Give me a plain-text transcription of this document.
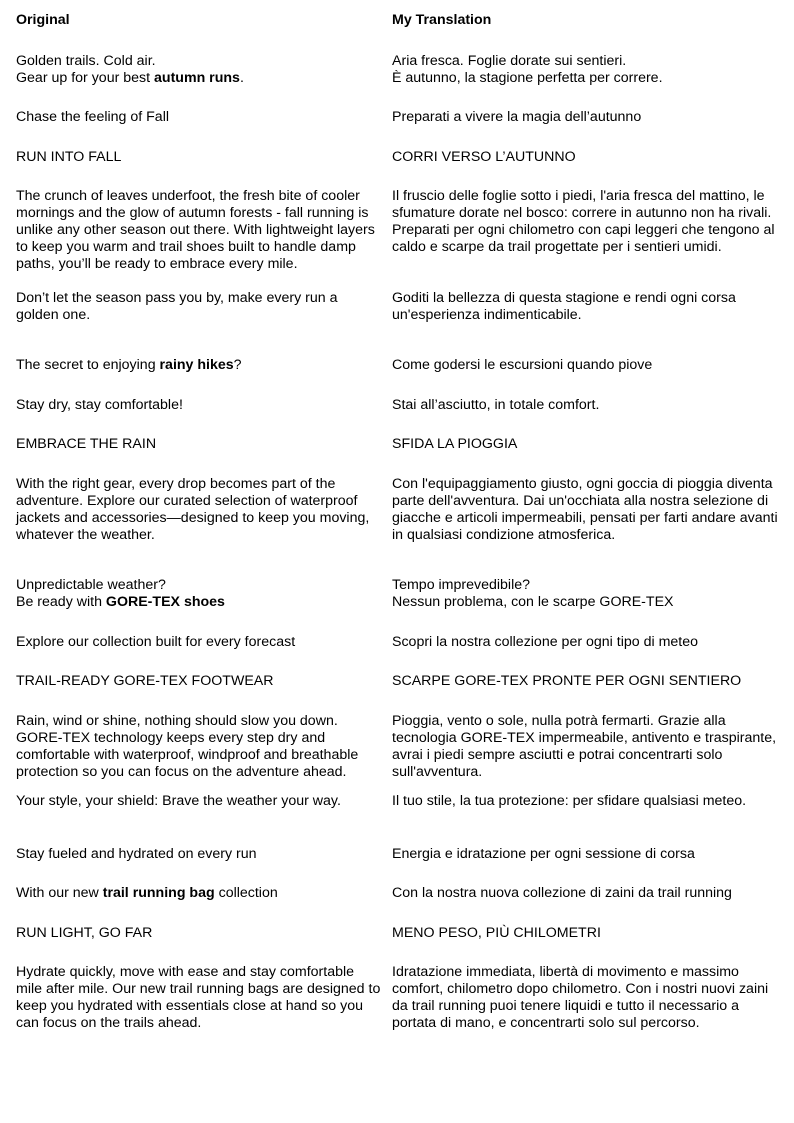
Original

Golden trails. Cold air.
Gear up for your best autumn runs.

Chase the feeling of Fall

RUN INTO FALL

The crunch of leaves underfoot, the fresh bite of cooler mornings and the glow of autumn forests - fall running is unlike any other season out there. With lightweight layers to keep you warm and trail shoes built to handle damp paths, you’ll be ready to embrace every mile.

Don’t let the season pass you by, make every run a golden one.

The secret to enjoying rainy hikes?

Stay dry, stay comfortable!

EMBRACE THE RAIN

With the right gear, every drop becomes part of the adventure. Explore our curated selection of waterproof jackets and accessories—designed to keep you moving, whatever the weather.

Unpredictable weather?
Be ready with GORE-TEX shoes

Explore our collection built for every forecast

TRAIL-READY GORE-TEX FOOTWEAR

Rain, wind or shine, nothing should slow you down. GORE-TEX technology keeps every step dry and comfortable with waterproof, windproof and breathable protection so you can focus on the adventure ahead.

Your style, your shield: Brave the weather your way.

Stay fueled and hydrated on every run

With our new trail running bag collection

RUN LIGHT, GO FAR

Hydrate quickly, move with ease and stay comfortable mile after mile. Our new trail running bags are designed to keep you hydrated with essentials close at hand so you can focus on the trails ahead.

My Translation

Aria fresca. Foglie dorate sui sentieri.
È autunno, la stagione perfetta per correre.

Preparati a vivere la magia dell’autunno

CORRI VERSO L’AUTUNNO

Il fruscio delle foglie sotto i piedi, l'aria fresca del mattino, le sfumature dorate nel bosco: correre in autunno non ha rivali. Preparati per ogni chilometro con capi leggeri che tengono al caldo e scarpe da trail progettate per i sentieri umidi.

Goditi la bellezza di questa stagione e rendi ogni corsa un'esperienza indimenticabile.

Come godersi le escursioni quando piove

Stai all’asciutto, in totale comfort.

SFIDA LA PIOGGIA

Con l'equipaggiamento giusto, ogni goccia di pioggia diventa parte dell'avventura. Dai un'occhiata alla nostra selezione di giacche e articoli impermeabili, pensati per farti andare avanti in qualsiasi condizione atmosferica.

Tempo imprevedibile?
Nessun problema, con le scarpe GORE-TEX

Scopri la nostra collezione per ogni tipo di meteo

SCARPE GORE-TEX PRONTE PER OGNI SENTIERO

Pioggia, vento o sole, nulla potrà fermarti. Grazie alla tecnologia GORE-TEX impermeabile, antivento e traspirante, avrai i piedi sempre asciutti e potrai concentrarti solo sull'avventura.

Il tuo stile, la tua protezione: per sfidare qualsiasi meteo.

Energia e idratazione per ogni sessione di corsa

Con la nostra nuova collezione di zaini da trail running

MENO PESO, PIÙ CHILOMETRI

Idratazione immediata, libertà di movimento e massimo comfort, chilometro dopo chilometro. Con i nostri nuovi zaini da trail running puoi tenere liquidi e tutto il necessario a portata di mano, e concentrarti solo sul percorso.
